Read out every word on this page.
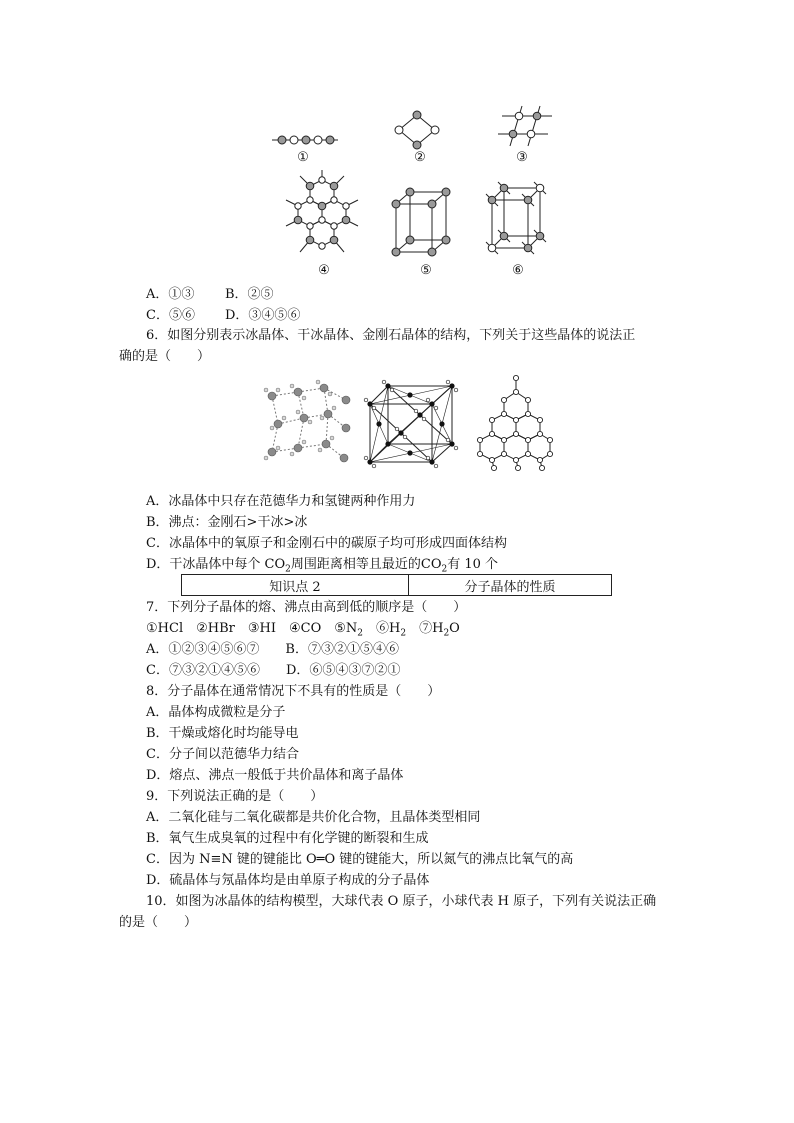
①	②	③
④	⑤	⑥
A．①③ B．②⑤
C．⑤⑥ D．③④⑤⑥
6．如图分别表示冰晶体、干冰晶体、金刚石晶体的结构，下列关于这些晶体的说法正
确的是（　　）
A．冰晶体中只存在范德华力和氢键两种作用力
B．沸点：金刚石>干冰>冰
C．冰晶体中的氧原子和金刚石中的碳原子均可形成四面体结构
D．干冰晶体中每个 $CO_2$周围距离相等且最近的$CO_2$有 10 个
知识点 2	分子晶体的性质
7．下列分子晶体的熔、沸点由高到低的顺序是（　　）
①HCl　②HBr　③HI　④CO　$⑤N_2$　$⑥H_2$　$⑦H_2O$
A．①②③④⑤⑥⑦　　B．⑦③②①⑤④⑥
C．⑦③②①④⑤⑥　　D．⑥⑤④③⑦②①
8．分子晶体在通常情况下不具有的性质是（　　）
A．晶体构成微粒是分子
B．干燥或熔化时均能导电
C．分子间以范德华力结合
D．熔点、沸点一般低于共价晶体和离子晶体
9．下列说法正确的是（　　）
A．二氧化硅与二氧化碳都是共价化合物，且晶体类型相同
B．氧气生成臭氧的过程中有化学键的断裂和生成
C．因为 N≡N 键的键能比 O═O 键的键能大，所以氮气的沸点比氧气的高
D．硫晶体与氖晶体均是由单原子构成的分子晶体
10．如图为冰晶体的结构模型，大球代表 O 原子，小球代表 H 原子，下列有关说法正确
的是（　　）
